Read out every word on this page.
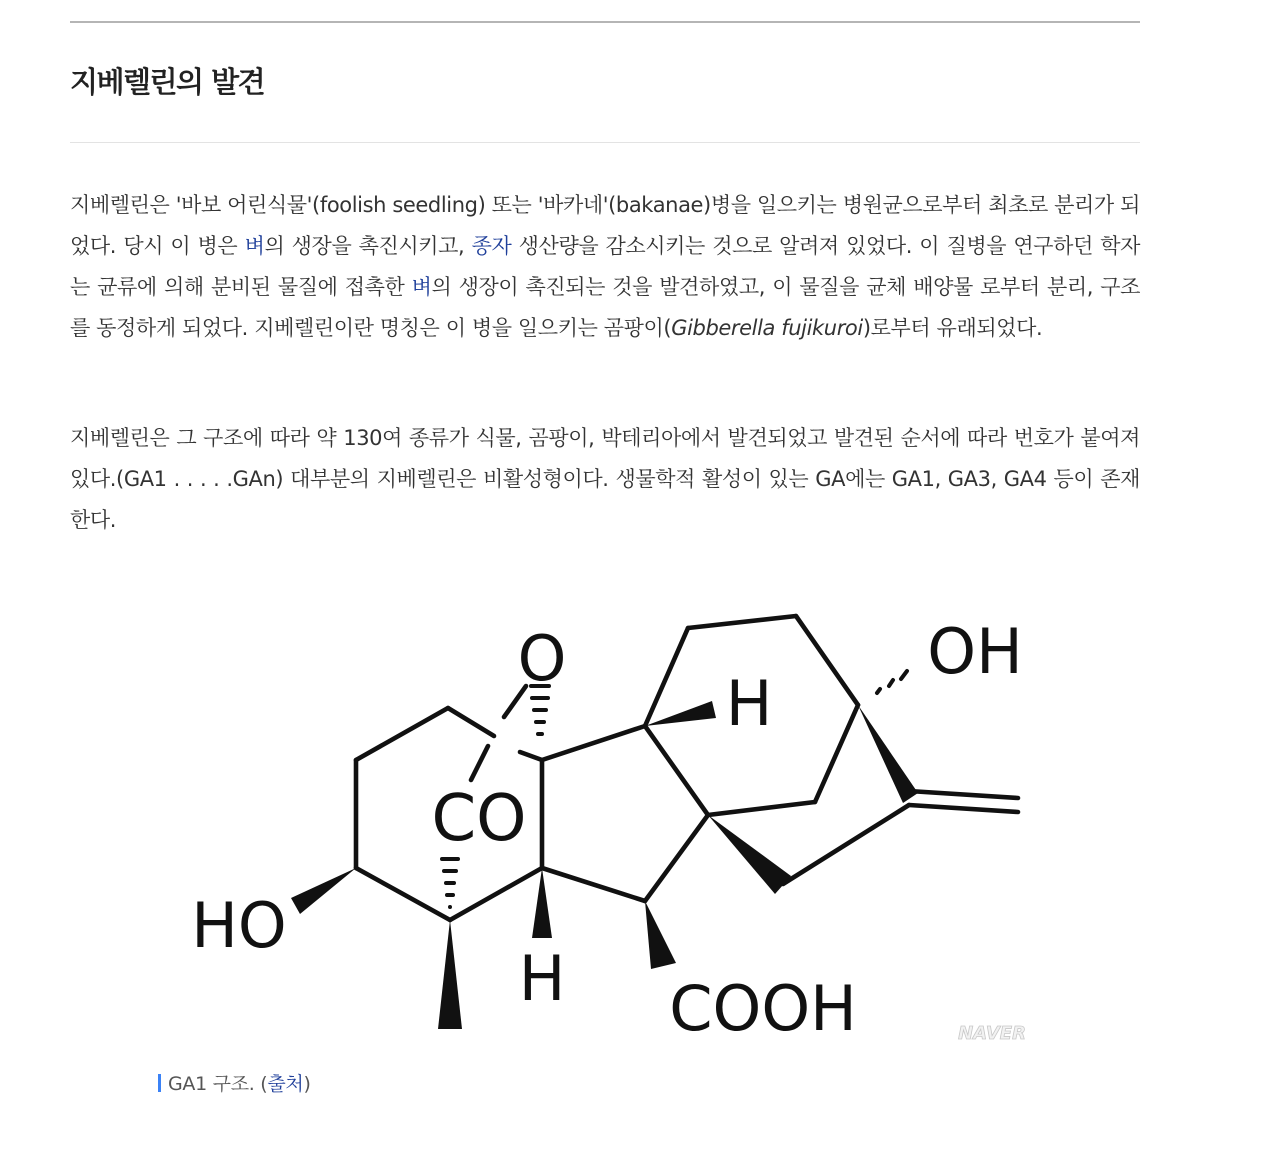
지베렐린의 발견

지베렐린은 '바보 어린식물'(foolish seedling) 또는 '바카네'(bakanae)병을 일으키는 병원균으로부터 최초로 분리가 되었다. 당시 이 병은 벼의 생장을 촉진시키고, 종자 생산량을 감소시키는 것으로 알려져 있었다. 이 질병을 연구하던 학자는 균류에 의해 분비된 물질에 접촉한 벼의 생장이 촉진되는 것을 발견하였고, 이 물질을 균체 배양물 로부터 분리, 구조를 동정하게 되었다. 지베렐린이란 명칭은 이 병을 일으키는 곰팡이(Gibberella fujikuroi)로부터 유래되었다.

지베렐린은 그 구조에 따라 약 130여 종류가 식물, 곰팡이, 박테리아에서 발견되었고 발견된 순서에 따라 번호가 붙여져 있다.(GA1 . . . . .GAn) 대부분의 지베렐린은 비활성형이다. 생물학적 활성이 있는 GA에는 GA1, GA3, GA4 등이 존재한다.

O
H
OH
CO
HO
H COOH	NAVER
GA1 구조. (출처)
